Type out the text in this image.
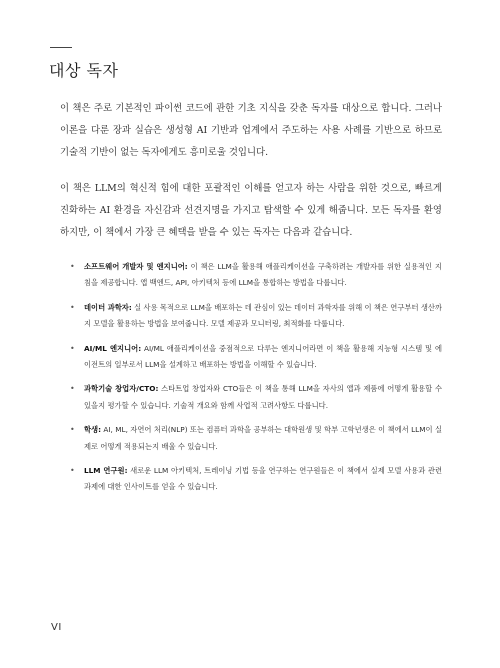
대상 독자

이 책은 주로 기본적인 파이썬 코드에 관한 기초 지식을 갖춘 독자를 대상으로 합니다. 그러나 이론을 다룬 장과 실습은 생성형 AI 기반과 업계에서 주도하는 사용 사례를 기반으로 하므로 기술적 기반이 없는 독자에게도 흥미로울 것입니다.

이 책은 LLM의 혁신적 힘에 대한 포괄적인 이해를 얻고자 하는 사람을 위한 것으로, 빠르게 진화하는 AI 환경을 자신감과 선견지명을 가지고 탐색할 수 있게 해줍니다. 모든 독자를 환영하지만, 이 책에서 가장 큰 혜택을 받을 수 있는 독자는 다음과 같습니다.

• 소프트웨어 개발자 및 엔지니어: 이 책은 LLM을 활용해 애플리케이션을 구축하려는 개발자를 위한 실용적인 지침을 제공합니다. 앱 백엔드, API, 아키텍처 등에 LLM을 통합하는 방법을 다룹니다.
• 데이터 과학자: 실 사용 목적으로 LLM을 배포하는 데 관심이 있는 데이터 과학자를 위해 이 책은 연구부터 생산까지 모델을 활용하는 방법을 보여줍니다. 모델 제공과 모니터링, 최적화를 다룹니다.
• AI/ML 엔지니어: AI/ML 애플리케이션을 중점적으로 다루는 엔지니어라면 이 책을 활용해 지능형 시스템 및 에이전트의 일부로서 LLM을 설계하고 배포하는 방법을 이해할 수 있습니다.
• 과학기술 창업자/CTO: 스타트업 창업자와 CTO들은 이 책을 통해 LLM을 자사의 앱과 제품에 어떻게 활용할 수 있을지 평가할 수 있습니다. 기술적 개요와 함께 사업적 고려사항도 다룹니다.
• 학생: AI, ML, 자연어 처리(NLP) 또는 컴퓨터 과학을 공부하는 대학원생 및 학부 고학년생은 이 책에서 LLM이 실제로 어떻게 적용되는지 배울 수 있습니다.
• LLM 연구원: 새로운 LLM 아키텍처, 트레이닝 기법 등을 연구하는 연구원들은 이 책에서 실제 모델 사용과 관련 과제에 대한 인사이트를 얻을 수 있습니다.
VI
